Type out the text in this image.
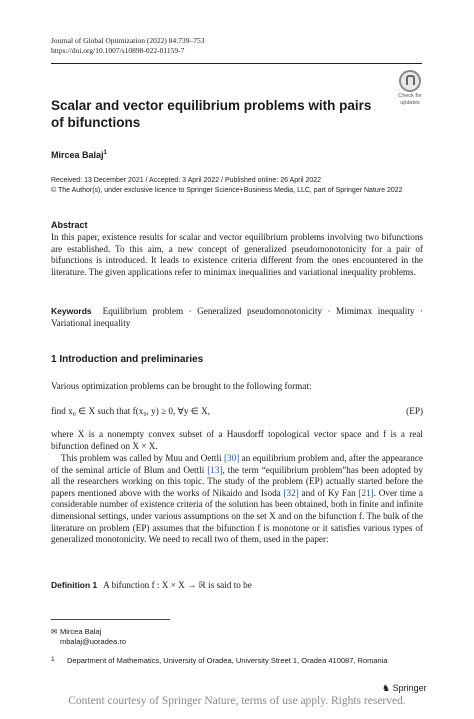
Journal of Global Optimization (2022) 84:739–753
https://doi.org/10.1007/s10898-022-01159-7
Check for
updates
Scalar and vector equilibrium problems with pairs of bifunctions
Mircea Balaj$^1$
Received: 13 December 2021 / Accepted: 3 April 2022 / Published online: 26 April 2022
© The Author(s), under exclusive licence to Springer Science+Business Media, LLC, part of Springer Nature 2022
Abstract
In this paper, existence results for scalar and vector equilibrium problems involving two bifunctions are established. To this aim, a new concept of generalized pseudomonotonicity for a pair of bifunctions is introduced. It leads to existence criteria different from the ones encountered in the literature. The given applications refer to minimax inequalities and variational inequality problems.
Keywords Equilibrium problem · Generalized pseudomonotonicity · Mimimax inequality · Variational inequality
1 Introduction and preliminaries
Various optimization problems can be brought to the following format:
find x₀ ∈ X such that f(x₀, y) ≥ 0, ∀y ∈ X,	(EP)
where X is a nonempty convex subset of a Hausdorff topological vector space and f is a real bifunction defined on X × X.
This problem was called by Muu and Oettli [30] an equilibrium problem and, after the appearance of the seminal article of Blum and Oettli [13], the term “equilibrium problem”has been adopted by all the researchers working on this topic. The study of the problem (EP) actually started before the papers mentioned above with the works of Nikaido and Isoda [32] and of Ky Fan [21]. Over time a considerable number of existence criteria of the solution has been obtained, both in finite and infinite dimensional settings, under various assumptions on the set X and on the bifunction f. The bulk of the literature on problem (EP) assumes that the bifunction f is monotone or it satisfies various types of generalized monotonicity. We need to recall two of them, used in the paper:
Definition 1 A bifunction f : X × X → ℝ is said to be
✉ Mircea Balaj
mbalaj@uoradea.ro
1 Department of Mathematics, University of Oradea, University Street 1, Oradea 410087, Romania
♞ Springer
Content courtesy of Springer Nature, terms of use apply. Rights reserved.
